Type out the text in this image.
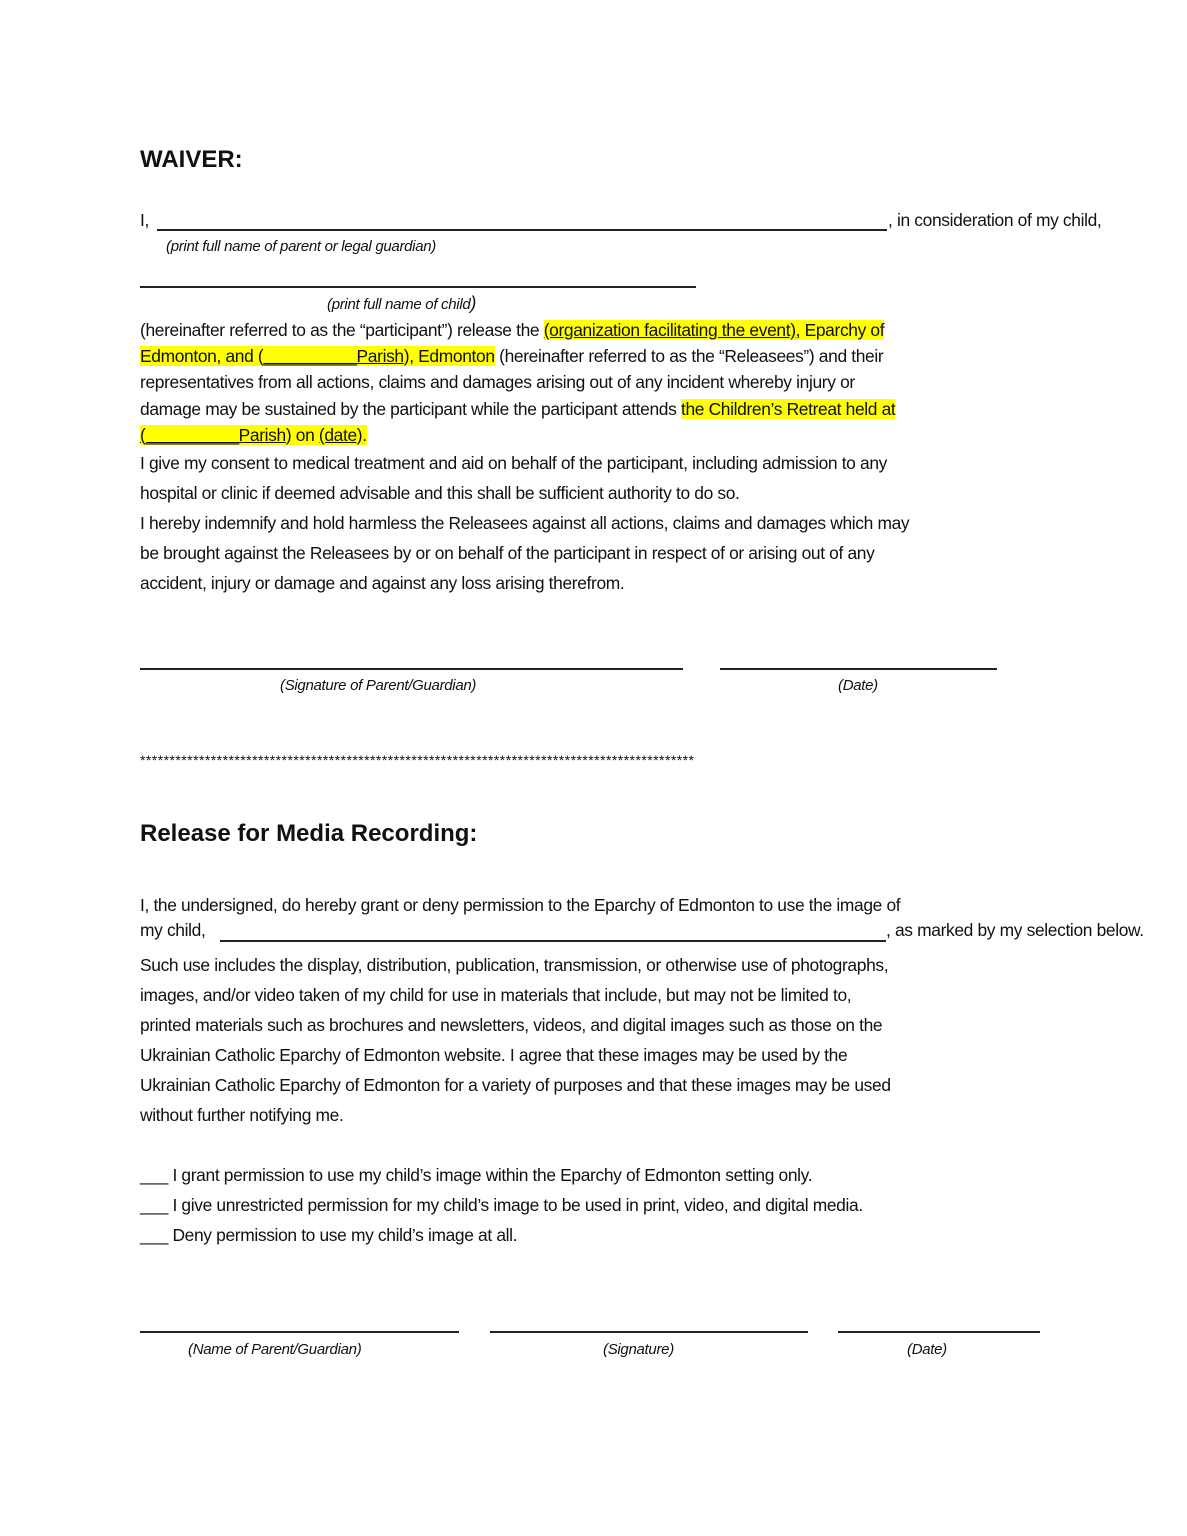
WAIVER:
I,	, in consideration of my child,
(print full name of parent or legal guardian)
(print full name of child)
(hereinafter referred to as the “participant”) release the (organization facilitating the event), Eparchy of
Edmonton, and (__________Parish), Edmonton (hereinafter referred to as the “Releasees”) and their
representatives from all actions, claims and damages arising out of any incident whereby injury or
damage may be sustained by the participant while the participant attends the Children’s Retreat held at
(__________Parish) on (date).
I give my consent to medical treatment and aid on behalf of the participant, including admission to any
hospital or clinic if deemed advisable and this shall be sufficient authority to do so.
I hereby indemnify and hold harmless the Releasees against all actions, claims and damages which may
be brought against the Releasees by or on behalf of the participant in respect of or arising out of any
accident, injury or damage and against any loss arising therefrom.
(Signature of Parent/Guardian)	(Date)
**********************************************************************************************
Release for Media Recording:
I, the undersigned, do hereby grant or deny permission to the Eparchy of Edmonton to use the image of
my child,	, as marked by my selection below.
Such use includes the display, distribution, publication, transmission, or otherwise use of photographs,
images, and/or video taken of my child for use in materials that include, but may not be limited to,
printed materials such as brochures and newsletters, videos, and digital images such as those on the
Ukrainian Catholic Eparchy of Edmonton website. I agree that these images may be used by the
Ukrainian Catholic Eparchy of Edmonton for a variety of purposes and that these images may be used
without further notifying me.
___ I grant permission to use my child’s image within the Eparchy of Edmonton setting only.
___ I give unrestricted permission for my child’s image to be used in print, video, and digital media.
___ Deny permission to use my child’s image at all.
(Name of Parent/Guardian)	(Signature)	(Date)
